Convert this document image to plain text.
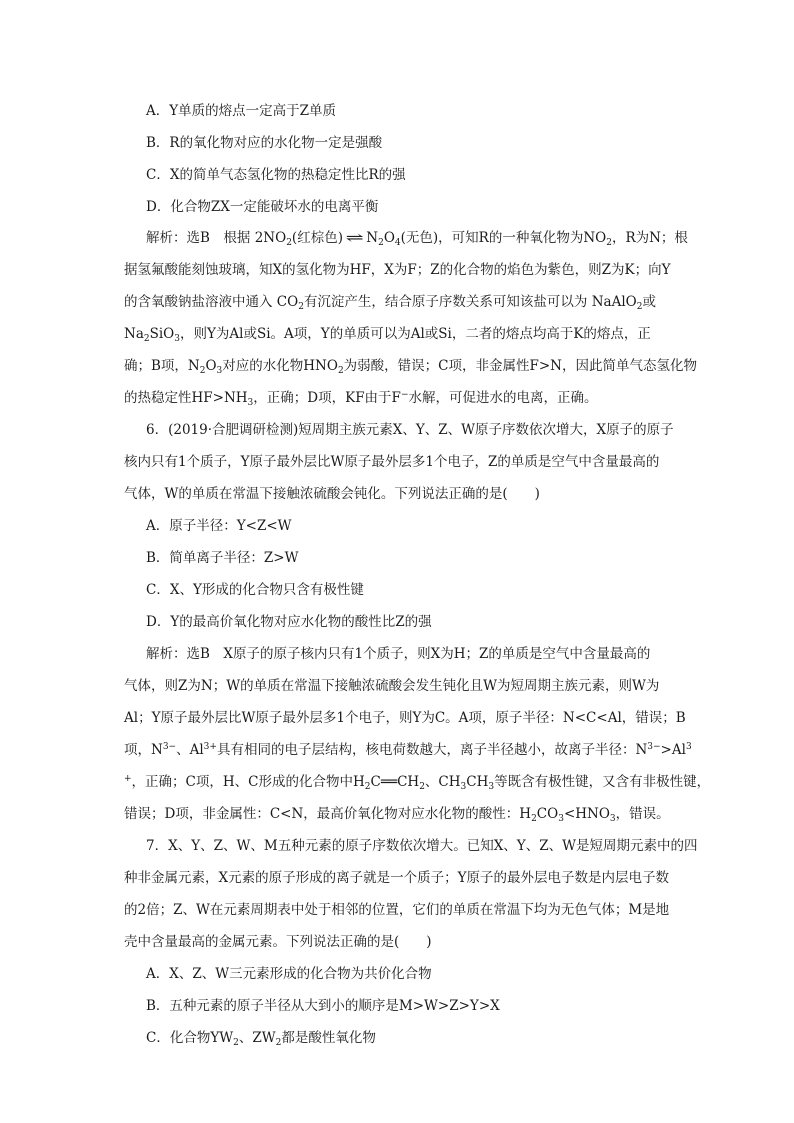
A．Y单质的熔点一定高于Z单质
B．R的氧化物对应的水化物一定是强酸
C．X的简单气态氢化物的热稳定性比R的强
D．化合物ZX一定能破坏水的电离平衡
解析：选B　根据 $2NO_2$(红棕色) ⇌ $N_2O_4$(无色)，可知R的一种氧化物为$NO_2$，R为N；根
据氢氟酸能刻蚀玻璃，知X的氢化物为HF，X为F；Z的化合物的焰色为紫色，则Z为K；向Y
的含氧酸钠盐溶液中通入 $CO_2$有沉淀产生，结合原子序数关系可知该盐可以为 NaAlO$_2$或
$Na_2SiO_3$，则Y为Al或Si。A项，Y的单质可以为Al或Si，二者的熔点均高于K的熔点，正
确；B项，$N_2O_3$对应的水化物$HNO_2$为弱酸，错误；C项，非金属性F>N，因此简单气态氢化物
的热稳定性$HF>NH_3$，正确；D项，KF由于F−水解，可促进水的电离，正确。
6．(2019·合肥调研检测)短周期主族元素X、Y、Z、W原子序数依次增大，X原子的原子
核内只有1个质子，Y原子最外层比W原子最外层多1个电子，Z的单质是空气中含量最高的
气体，W的单质在常温下接触浓硫酸会钝化。下列说法正确的是(　　)
A．原子半径：Y<Z<W
B．简单离子半径：Z>W
C．X、Y形成的化合物只含有极性键
D．Y的最高价氧化物对应水化物的酸性比Z的强
解析：选B　X原子的原子核内只有1个质子，则X为H；Z的单质是空气中含量最高的
气体，则Z为N；W的单质在常温下接触浓硫酸会发生钝化且W为短周期主族元素，则W为
Al；Y原子最外层比W原子最外层多1个电子，则Y为C。A项，原子半径：N<C<Al，错误；B
项，$N^{3-}$、$Al^{3+}$具有相同的电子层结构，核电荷数越大，离子半径越小，故离子半径：$N^{3-}>Al^3$
+，正确；C项，H、C形成的化合物中$H_2C══CH_2$、$CH_3CH_3$等既含有极性键，又含有非极性键，
错误；D项，非金属性：C<N，最高价氧化物对应水化物的酸性：$H_2CO_3<HNO_3$，错误。
7．X、Y、Z、W、M五种元素的原子序数依次增大。已知X、Y、Z、W是短周期元素中的四
种非金属元素，X元素的原子形成的离子就是一个质子；Y原子的最外层电子数是内层电子数
的2倍；Z、W在元素周期表中处于相邻的位置，它们的单质在常温下均为无色气体；M是地
壳中含量最高的金属元素。下列说法正确的是(　　)
A．X、Z、W三元素形成的化合物为共价化合物
B．五种元素的原子半径从大到小的顺序是M>W>Z>Y>X
C．化合物$YW_2$、$ZW_2$都是酸性氧化物
